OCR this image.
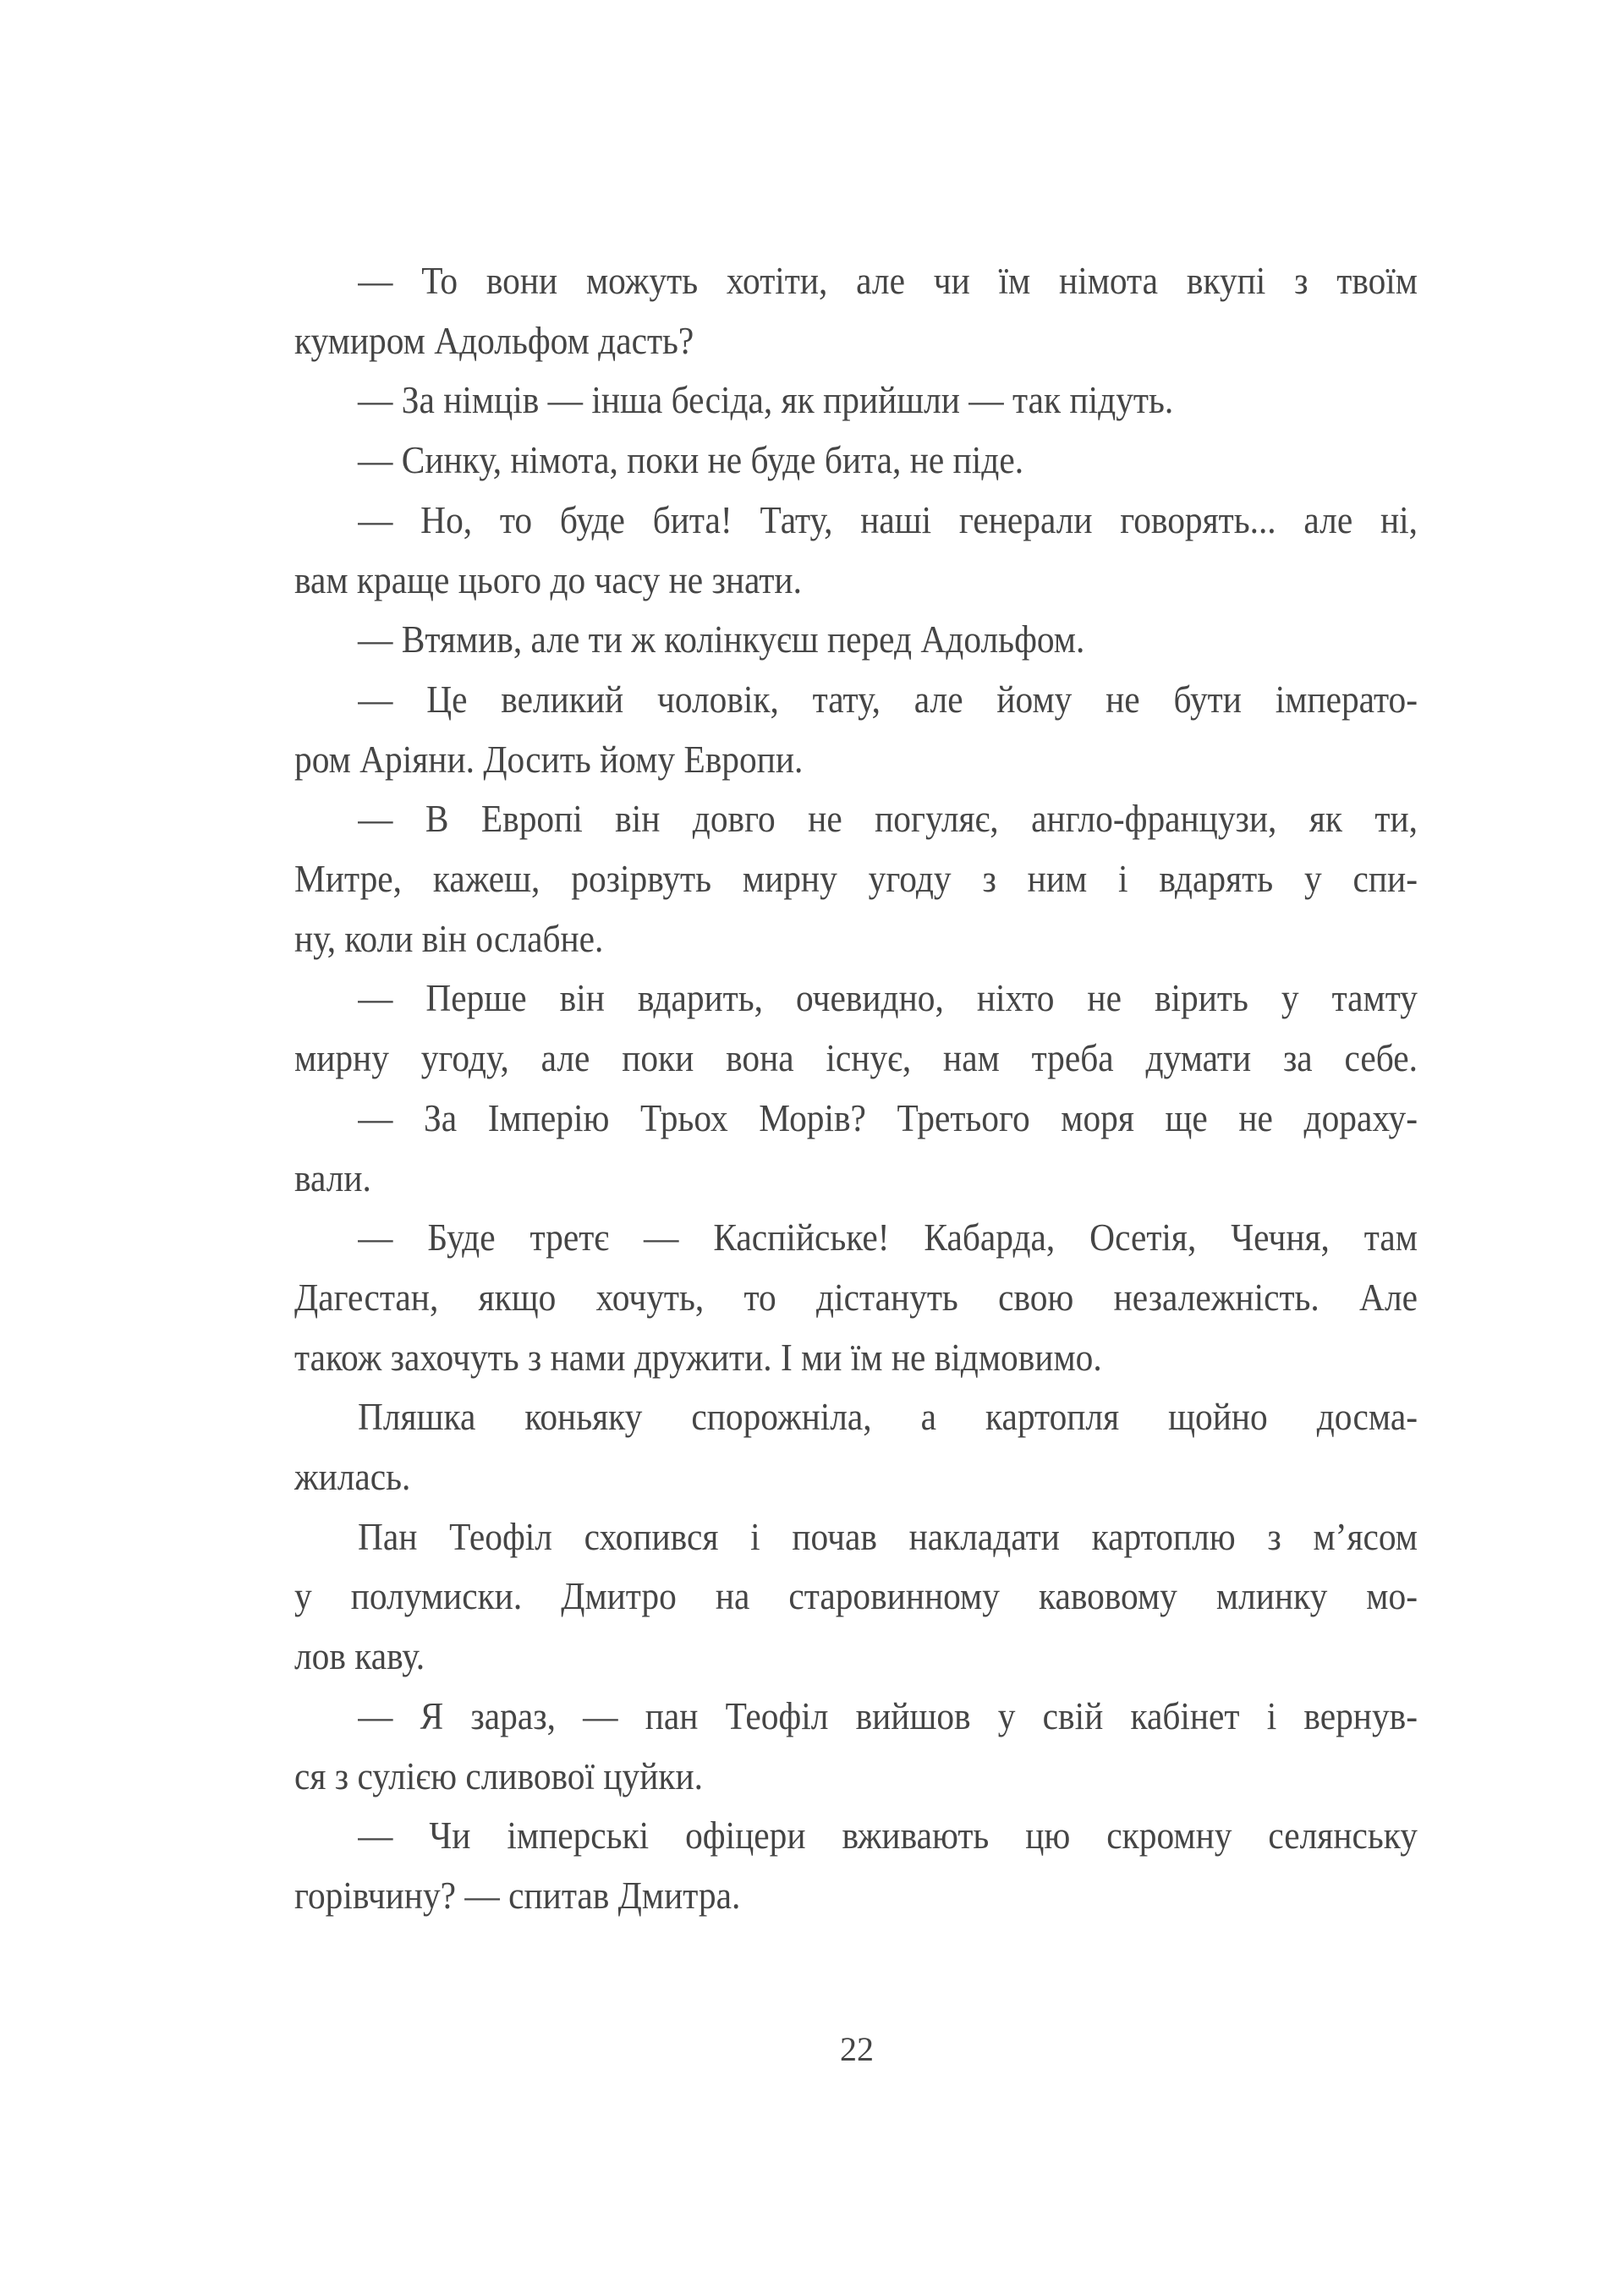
— То вони можуть хотіти, але чи їм німота вкупі з твоїм
кумиром Адольфом дасть?
— За німців — інша бесіда, як прийшли — так підуть.
— Синку, німота, поки не буде бита, не піде.
— Но, то буде бита! Тату, наші генерали говорять... але ні,
вам краще цього до часу не знати.
— Втямив, але ти ж колінкуєш перед Адольфом.
— Це великий чоловік, тату, але йому не бути імперато-
ром Аріяни. Досить йому Европи.
— В Европі він довго не погуляє, англо-французи, як ти,
Митре, кажеш, розірвуть мирну угоду з ним і вдарять у спи-
ну, коли він ослабне.
— Перше він вдарить, очевидно, ніхто не вірить у тамту
мирну угоду, але поки вона існує, нам треба думати за себе.
— За Імперію Трьох Морів? Третього моря ще не дораху-
вали.
— Буде третє — Каспійське! Кабарда, Осетія, Чечня, там
Дагестан, якщо хочуть, то дістануть свою незалежність. Але
також захочуть з нами дружити. І ми їм не відмовимо.
Пляшка коньяку спорожніла, а картопля щойно досма-
жилась.
Пан Теофіл схопився і почав накладати картоплю з м’ясом
у полумиски. Дмитро на старовинному кавовому млинку мо-
лов каву.
— Я зараз, — пан Теофіл вийшов у свій кабінет і вернув-
ся з сулією сливової цуйки.
— Чи імперські офіцери вживають цю скромну селянську
горівчину? — спитав Дмитра.
22
